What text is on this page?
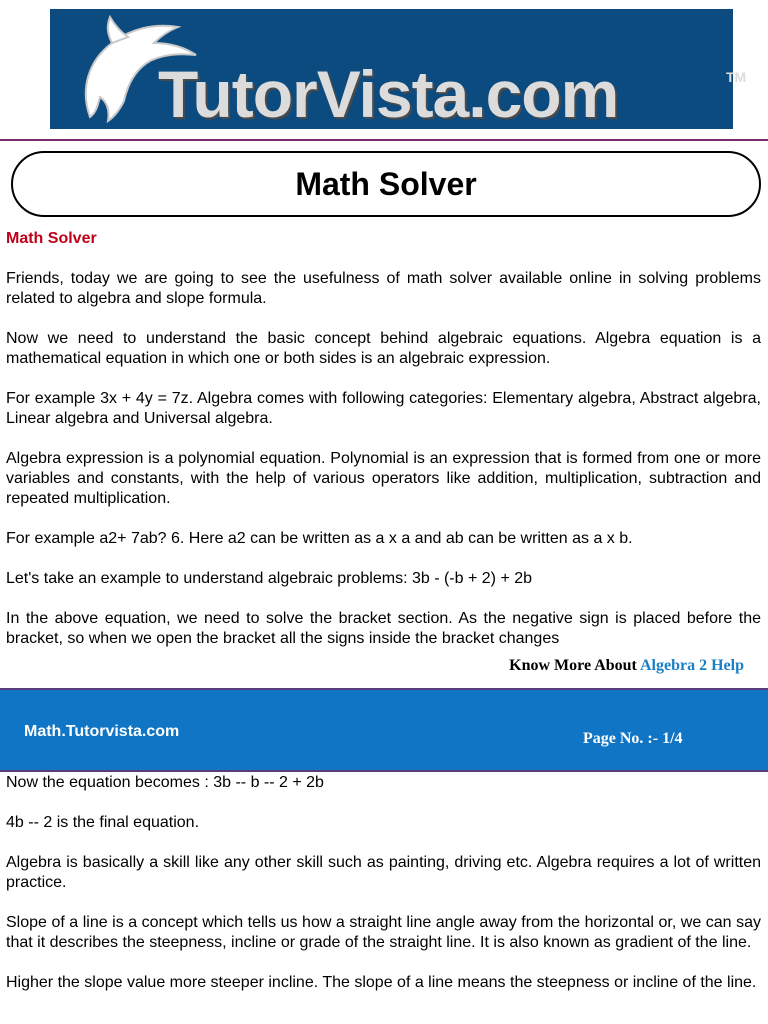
TutorVista.com	TM
Math Solver

Math Solver

Friends, today we are going to see the usefulness of math solver available online in solving problems related to algebra and slope formula.

Now we need to understand the basic concept behind algebraic equations. Algebra equation is a mathematical equation in which one or both sides is an algebraic expression.

For example 3x + 4y = 7z. Algebra comes with following categories: Elementary algebra, Abstract algebra, Linear algebra and Universal algebra.

Algebra expression is a polynomial equation. Polynomial is an expression that is formed from one or more variables and constants, with the help of various operators like addition, multiplication, subtraction and repeated multiplication.

For example a2+ 7ab? 6. Here a2 can be written as a x a and ab can be written as a x b.

Let's take an example to understand algebraic problems: 3b - (-b + 2) + 2b

In the above equation, we need to solve the bracket section. As the negative sign is placed before the bracket, so when we open the bracket all the signs inside the bracket changes

Know More About Algebra 2 Help
Math.Tutorvista.com	Page No. :- 1/4

Now the equation becomes : 3b -- b -- 2 + 2b

4b -- 2 is the final equation.

Algebra is basically a skill like any other skill such as painting, driving etc. Algebra requires a lot of written practice.

Slope of a line is a concept which tells us how a straight line angle away from the horizontal or, we can say that it describes the steepness, incline or grade of the straight line. It is also known as gradient of the line.

Higher the slope value more steeper incline. The slope of a line means the steepness or incline of the line.
